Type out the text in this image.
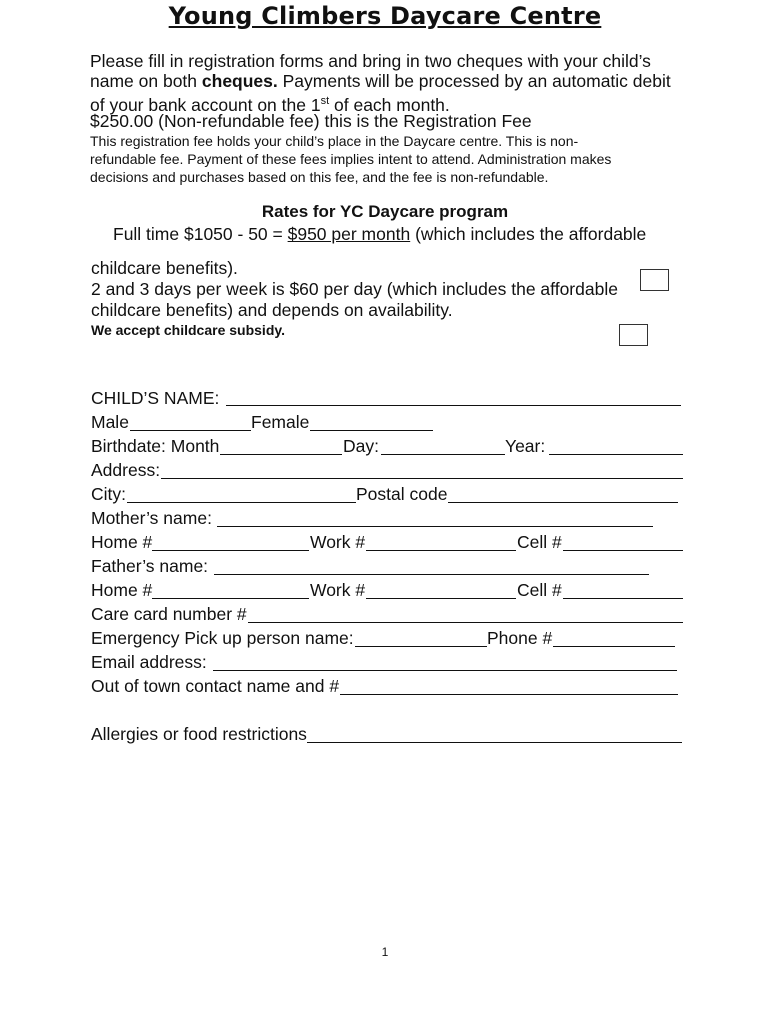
Young Climbers Daycare Centre
Please fill in registration forms and bring in two cheques with your child’s
name on both cheques. Payments will be processed by an automatic debit
of your bank account on the 1st of each month.
$250.00 (Non-refundable fee) this is the Registration Fee
This registration fee holds your child’s place in the Daycare centre. This is non-
refundable fee. Payment of these fees implies intent to attend. Administration makes
decisions and purchases based on this fee, and the fee is non-refundable.
Rates for YC Daycare program
Full time $1050 - 50 = $950 per month (which includes the affordable
childcare benefits).
2 and 3 days per week is $60 per day (which includes the affordable
childcare benefits) and depends on availability.
We accept childcare subsidy.
CHILD’S NAME:
Male	Female
Birthdate: Month	Day:	Year:
Address:
City:	Postal code
Mother’s name:
Home #	Work #	Cell #
Father’s name:
Home #	Work #	Cell #
Care card number #
Emergency Pick up person name:	Phone #
Email address:
Out of town contact name and #
Allergies or food restrictions
1
